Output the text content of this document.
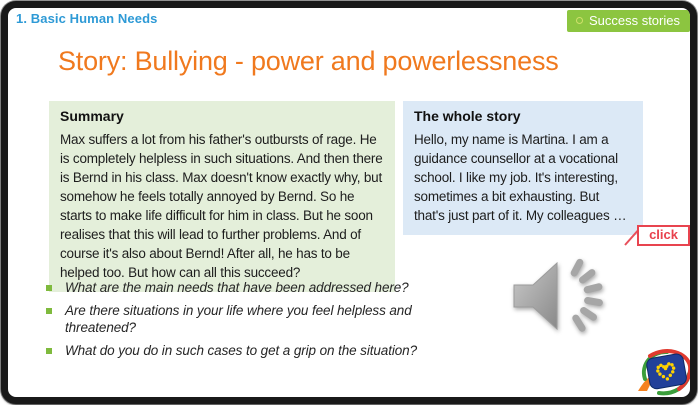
1. Basic Human Needs	Success stories
Story: Bullying - power and powerlessness
Summary

Max suffers a lot from his father's outbursts of rage. He is completely helpless in such situations. And then there is Bernd in his class. Max doesn't know exactly why, but somehow he feels totally annoyed by Bernd. So he starts to make life difficult for him in class. But he soon realises that this will lead to further problems. And of course it's also about Bernd! After all, he has to be helped too. But how can all this succeed?

The whole story

Hello, my name is Martina. I am a guidance counsellor at a vocational school. I like my job. It's interesting, sometimes a bit exhausting. But that's just part of it. My colleagues …

click
What are the main needs that have been addressed here?
Are there situations in your life where you feel helpless and threatened?
What do you do in such cases to get a grip on the situation?
